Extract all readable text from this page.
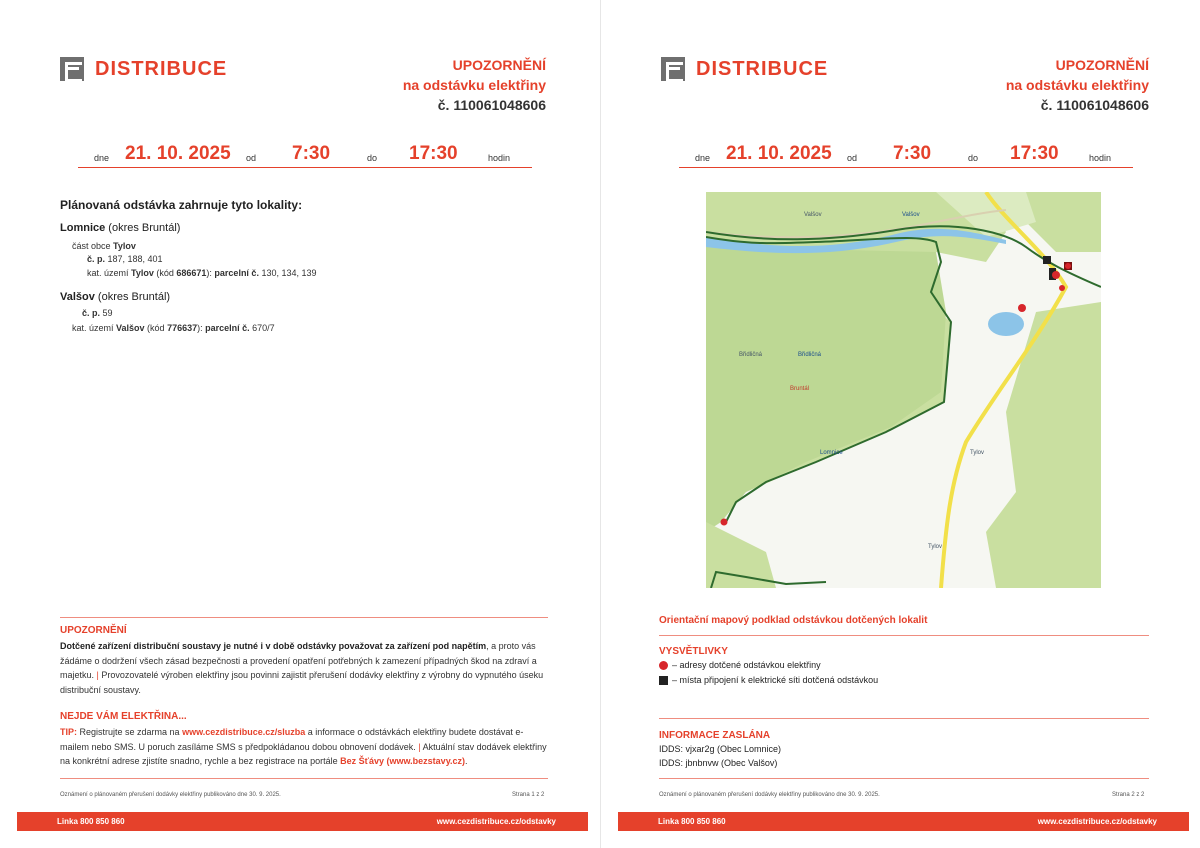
DISTRIBUCE	UPOZORNĚNÍ
na odstávku elektřiny
č. 110061048606
dne 21. 10. 2025 od 7:30	do 17:30	hodin
Plánovaná odstávka zahrnuje tyto lokality:
Lomnice (okres Bruntál)
část obce Tylov
č. p. 187, 188, 401
kat. území Tylov (kód 686671): parcelní č. 130, 134, 139
Valšov (okres Bruntál)
č. p. 59
kat. území Valšov (kód 776637): parcelní č. 670/7
UPOZORNĚNÍ
Dotčené zařízení distribuční soustavy je nutné i v době odstávky považovat za zařízení pod napětím, a proto vás žádáme o dodržení všech zásad bezpečnosti a provedení opatření potřebných k zamezení případných škod na zdraví a majetku. | Provozovatelé výroben elektřiny jsou povinni zajistit přerušení dodávky elektřiny z výrobny do vypnutého úseku distribuční soustavy.
NEJDE VÁM ELEKTŘINA...
TIP: Registrujte se zdarma na www.cezdistribuce.cz/sluzba a informace o odstávkách elektřiny budete dostávat e-mailem nebo SMS. U poruch zasíláme SMS s předpokládanou dobou obnovení dodávek. | Aktuální stav dodávek elektřiny na konkrétní adrese zjistíte snadno, rychle a bez registrace na portále Bez Šťávy (www.bezstavy.cz).
Oznámení o plánovaném přerušení dodávky elektřiny publikováno dne 30. 9. 2025.	Strana 1 z 2
Linka 800 850 860	www.cezdistribuce.cz/odstavky
DISTRIBUCE	UPOZORNĚNÍ
na odstávku elektřiny
č. 110061048606
dne 21. 10. 2025 od 7:30	do 17:30	hodin
Orientační mapový podklad odstávkou dotčených lokalit
VYSVĚTLIVKY
– adresy dotčené odstávkou elektřiny
– místa připojení k elektrické síti dotčená odstávkou
INFORMACE ZASLÁNA
IDDS: vjxar2g (Obec Lomnice)
IDDS: jbnbnvw (Obec Valšov)
Oznámení o plánovaném přerušení dodávky elektřiny publikováno dne 30. 9. 2025.	Strana 2 z 2
Linka 800 850 860	www.cezdistribuce.cz/odstavky
Valšov	Valšov
Břidličná	Břidličná
Bruntál
Lomnice	Tylov
Tylov
